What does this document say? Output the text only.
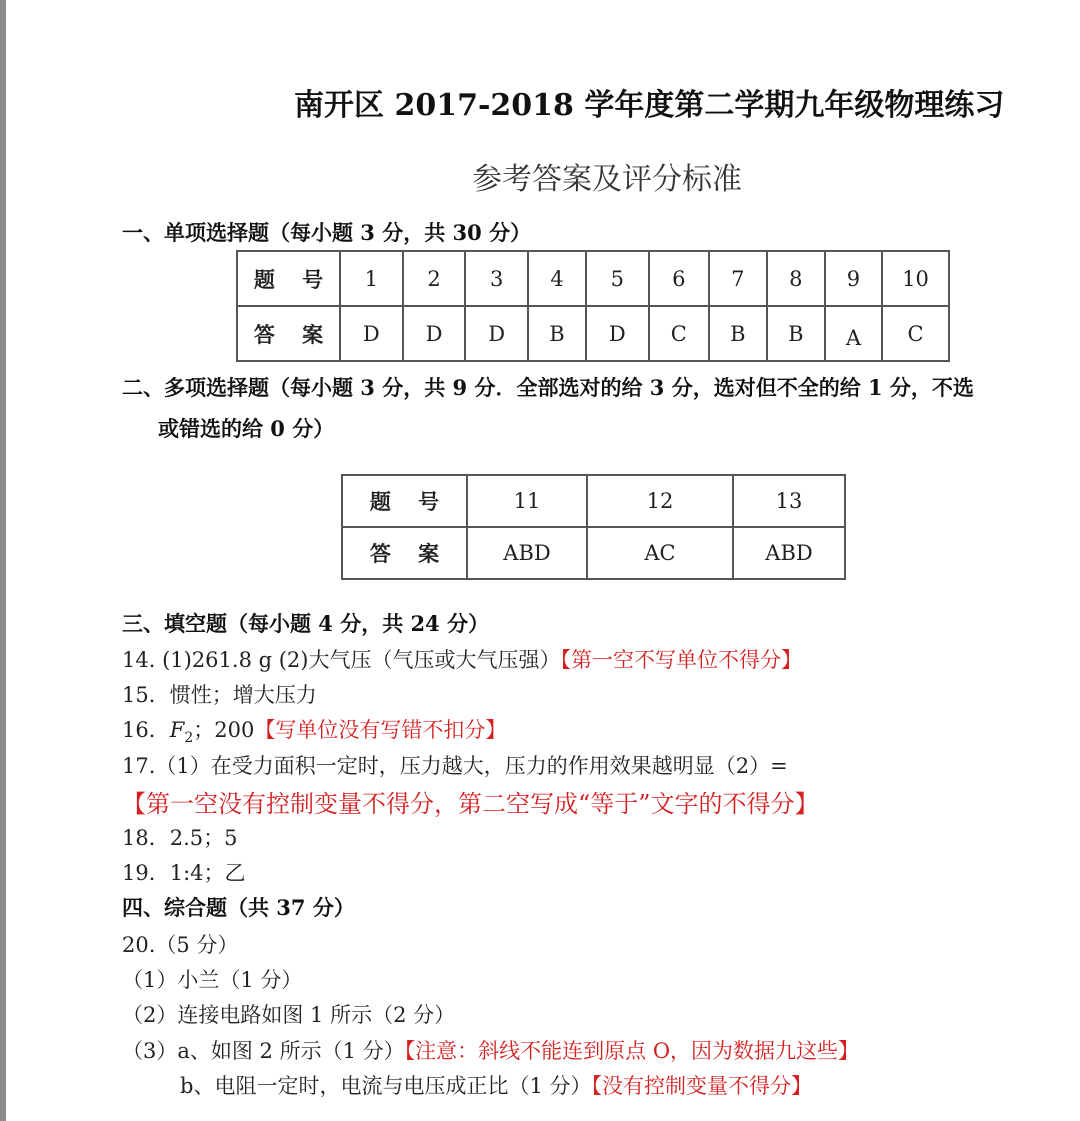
南开区 2017-2018 学年度第二学期九年级物理练习
参考答案及评分标准
一、单项选择题（每小题 3 分，共 30 分）
题 号	1	2	3	4	5	6	7	8	9	10
答 案	D	D	D	B	D	C	B	B	A	C
二、多项选择题（每小题 3 分，共 9 分．全部选对的给 3 分，选对但不全的给 1 分，不选
或错选的给 0 分）
题 号	11	12	13
答 案	ABD	AC	ABD
三、填空题（每小题 4 分，共 24 分）
14. (1)261.8 g (2)大气压（气压或大气压强）【第一空不写单位不得分】
15．惯性；增大压力
16．$F_2$；200【写单位没有写错不扣分】
17.（1）在受力面积一定时，压力越大，压力的作用效果越明显（2）=
【第一空没有控制变量不得分，第二空写成“等于”文字的不得分】
18．2.5；5
19．1:4；乙
四、综合题（共 37 分）
20.（5 分）
（1）小兰（1 分）
（2）连接电路如图 1 所示（2 分）
（3）a、如图 2 所示（1 分）【注意：斜线不能连到原点 O，因为数据九这些】
b、电阻一定时，电流与电压成正比（1 分）【没有控制变量不得分】
